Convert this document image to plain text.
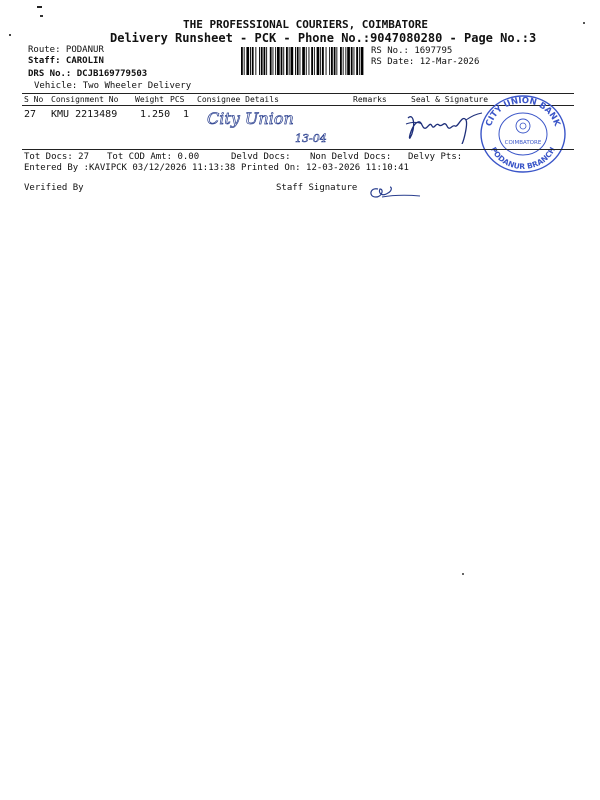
THE PROFESSIONAL COURIERS, COIMBATORE
Delivery Runsheet - PCK - Phone No.:9047080280 - Page No.:3
Route: PODANUR
Staff: CAROLIN
DRS No.: DCJB169779503
Vehicle: Two Wheeler Delivery
RS No.: 1697795
RS Date: 12-Mar-2026
S No Consignment No Weight PCS Consignee Details	Remarks	Seal & Signature
27 KMU 2213489 1.250 1 City Union
13-04
CITY UNION BANK
PODANUR BRANCH
COIMBATORE
Tot Docs: 27 Tot COD Amt: 0.00	Delvd Docs: Non Delvd Docs: Delvy Pts:
Entered By :KAVIPCK 03/12/2026 11:13:38 Printed On: 12-03-2026 11:10:41
Verified By	Staff Signature
